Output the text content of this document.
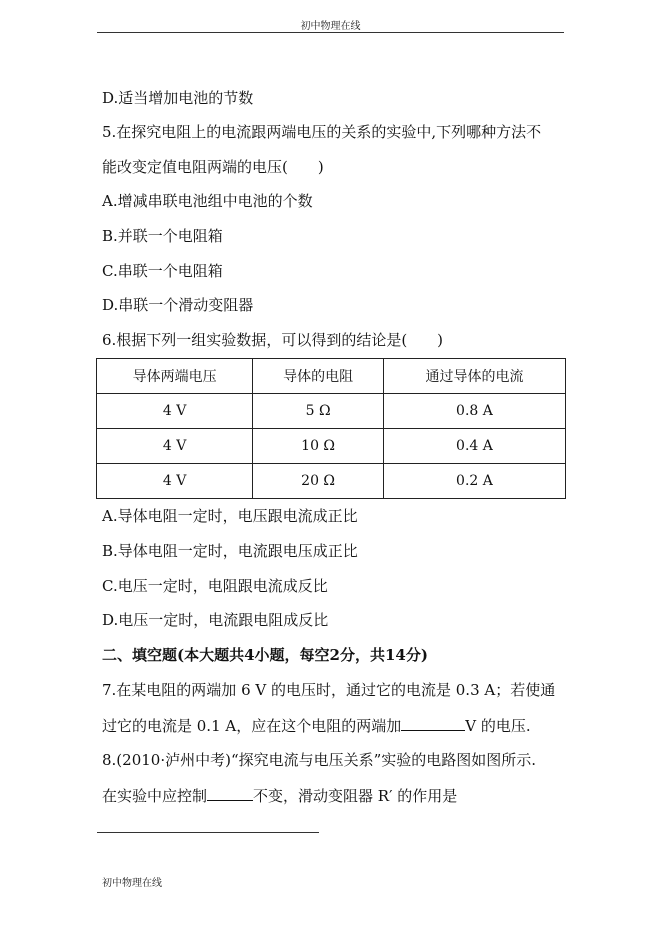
初中物理在线
D.适当增加电池的节数
5.在探究电阻上的电流跟两端电压的关系的实验中,下列哪种方法不
能改变定值电阻两端的电压(　　)
A.增减串联电池组中电池的个数
B.并联一个电阻箱
C.串联一个电阻箱
D.串联一个滑动变阻器
6.根据下列一组实验数据，可以得到的结论是(　　)
导体两端电压	导体的电阻	通过导体的电流
4 V	5 Ω	0.8 A
4 V	10 Ω	0.4 A
4 V	20 Ω	0.2 A
A.导体电阻一定时，电压跟电流成正比
B.导体电阻一定时，电流跟电压成正比
C.电压一定时，电阻跟电流成反比
D.电压一定时，电流跟电阻成反比
二、填空题(本大题共4小题，每空2分，共14分)
7.在某电阻的两端加 6 V 的电压时，通过它的电流是 0.3 A；若使通
过它的电流是 0.1 A，应在这个电阻的两端加	V 的电压.
8.(2010·泸州中考)“探究电流与电压关系”实验的电路图如图所示.
在实验中应控制	不变，滑动变阻器 R′ 的作用是
初中物理在线
